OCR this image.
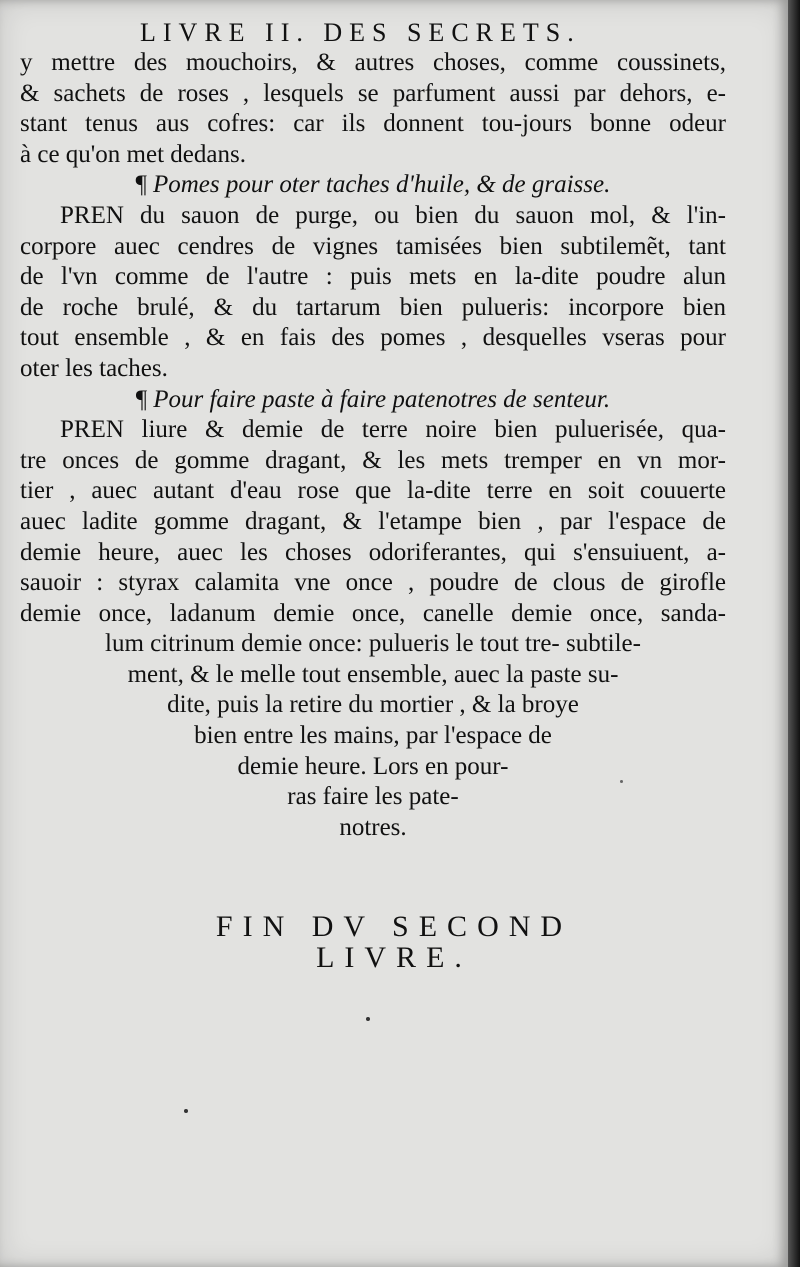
LIVRE II. DES SECRETS.
y mettre des mouchoirs, & autres choses, comme coussinets,
& sachets de roses , lesquels se parfument aussi par dehors, e-
stant tenus aus cofres: car ils donnent tou-jours bonne odeur
à ce qu'on met dedans.
¶ Pomes pour oter taches d'huile, & de graisse.
PREN du sauon de purge, ou bien du sauon mol, & l'in-
corpore auec cendres de vignes tamisées bien subtilemẽt, tant
de l'vn comme de l'autre : puis mets en la-dite poudre alun
de roche brulé, & du tartarum bien pulueris: incorpore bien
tout ensemble , & en fais des pomes , desquelles vseras pour
oter les taches.
¶ Pour faire paste à faire patenotres de senteur.
PREN liure & demie de terre noire bien puluerisée, qua-
tre onces de gomme dragant, & les mets tremper en vn mor-
tier , auec autant d'eau rose que la-dite terre en soit couuerte
auec ladite gomme dragant, & l'etampe bien , par l'espace de
demie heure, auec les choses odoriferantes, qui s'ensuiuent, a-
sauoir : styrax calamita vne once , poudre de clous de girofle
demie once, ladanum demie once, canelle demie once, sanda-
lum citrinum demie once: pulueris le tout tre- subtile-
ment, & le melle tout ensemble, auec la paste su-
dite, puis la retire du mortier , & la broye
bien entre les mains, par l'espace de
demie heure. Lors en pour-
ras faire les pate-
notres.
FIN DV SECOND
LIVRE.
